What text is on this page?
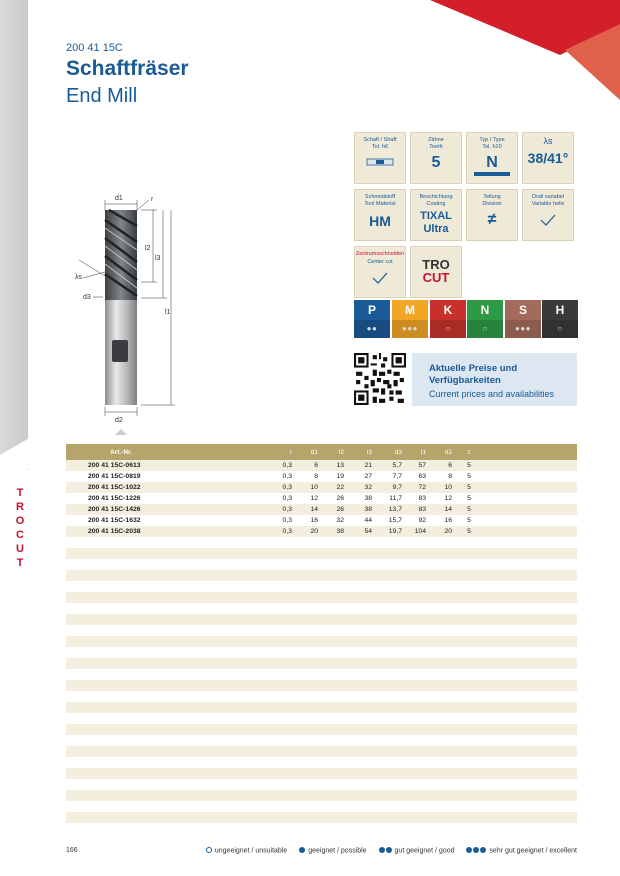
T
R
O
C
U
T
200 41 15C
Schaftfräser
End Mill
d1	r
l2
l3
l1
λs
d3
d2
Schaft / Shaft
Tol. h6
Zähne
Teeth
5
Typ / Type
Tol. h10
N
λs
38/41°
Schneidstoff
Tool Material
HM
Beschichtung
Coating
TIXAL
Ultra
Teilung
Division
≠
Drall variabel
Variable helix
Zentrumsschneiden
Center cut	TRO
CUT
P
●●
M
●●●
K
○
N
○
S
●●●
H
○
Aktuelle Preise und
Verfügbarkeiten
Current prices and availabilities
Art.-Nr.	r	d1	l2	l3	d3	l1	d2	z
200 41 15C-0613	0,3	6	13	21	5,7	57	6	5
200 41 15C-0819	0,3	8	19	27	7,7	63	8	5
200 41 15C-1022	0,3	10	22	32	9,7	72	10	5
200 41 15C-1226	0,3	12	26	38	11,7	83	12	5
200 41 15C-1426	0,3	14	26	38	13,7	83	14	5
200 41 15C-1632	0,3	16	32	44	15,7	92	16	5
200 41 15C-2038	0,3	20	38	54	19,7	104	20	5
166	ungeeignet / unsuitable	geeignet / possible	gut geeignet / good	sehr gut geeignet / excellent
